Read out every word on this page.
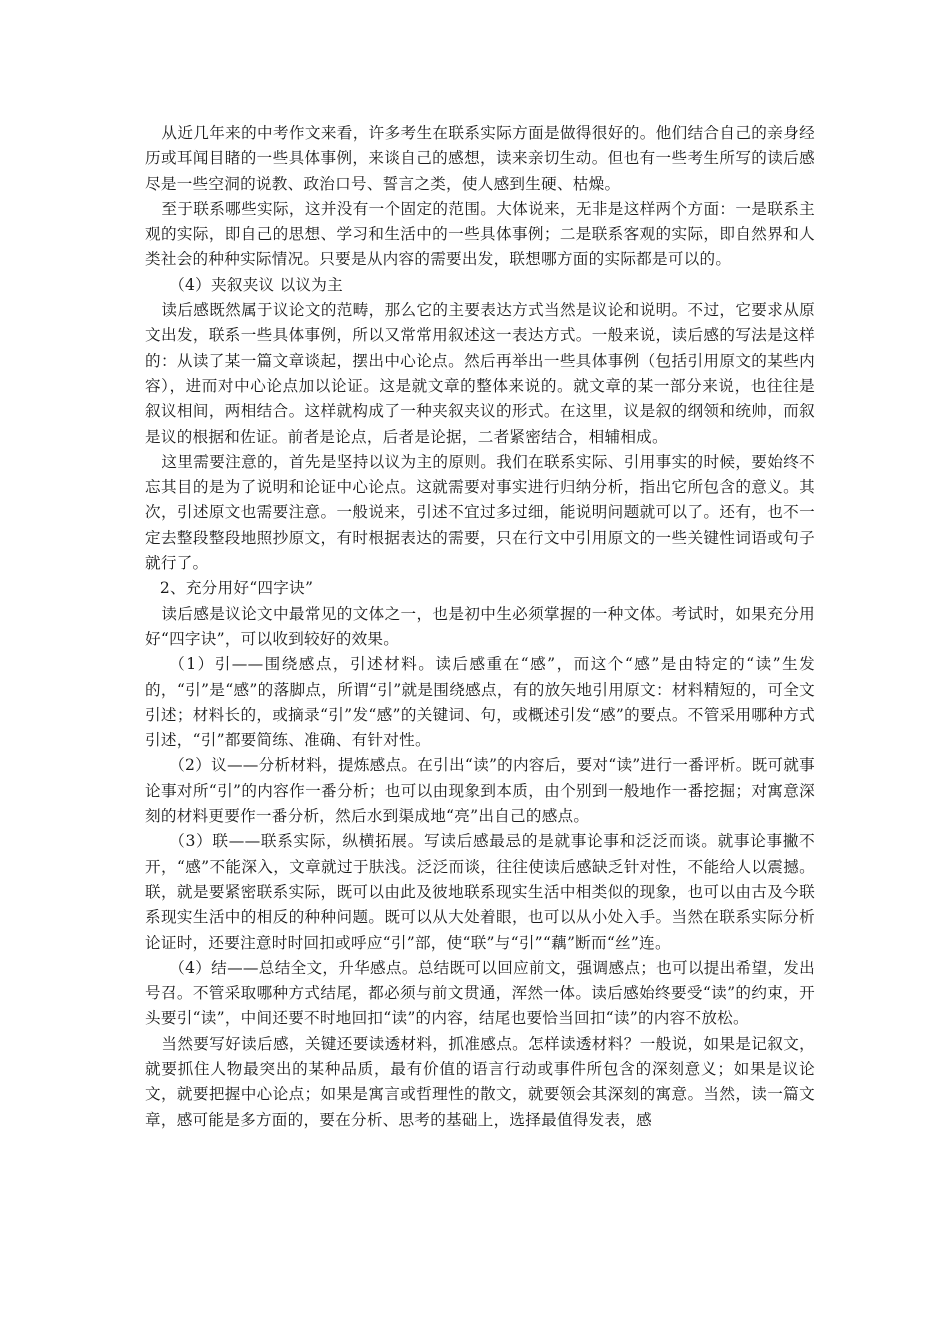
从近几年来的中考作文来看，许多考生在联系实际方面是做得很好的。他们结合自己的亲身经历或耳闻目睹的一些具体事例，来谈自己的感想，读来亲切生动。但也有一些考生所写的读后感尽是一些空洞的说教、政治口号、誓言之类，使人感到生硬、枯燥。

至于联系哪些实际，这并没有一个固定的范围。大体说来，无非是这样两个方面：一是联系主观的实际，即自己的思想、学习和生活中的一些具体事例；二是联系客观的实际，即自然界和人类社会的种种实际情况。只要是从内容的需要出发，联想哪方面的实际都是可以的。

（4）夹叙夹议 以议为主

读后感既然属于议论文的范畴，那么它的主要表达方式当然是议论和说明。不过，它要求从原文出发，联系一些具体事例，所以又常常用叙述这一表达方式。一般来说，读后感的写法是这样的：从读了某一篇文章谈起，摆出中心论点。然后再举出一些具体事例（包括引用原文的某些内容），进而对中心论点加以论证。这是就文章的整体来说的。就文章的某一部分来说，也往往是叙议相间，两相结合。这样就构成了一种夹叙夹议的形式。在这里，议是叙的纲领和统帅，而叙是议的根据和佐证。前者是论点，后者是论据，二者紧密结合，相辅相成。

这里需要注意的，首先是坚持以议为主的原则。我们在联系实际、引用事实的时候，要始终不忘其目的是为了说明和论证中心论点。这就需要对事实进行归纳分析，指出它所包含的意义。其次，引述原文也需要注意。一般说来，引述不宜过多过细，能说明问题就可以了。还有，也不一定去整段整段地照抄原文，有时根据表达的需要，只在行文中引用原文的一些关键性词语或句子就行了。

2、充分用好“四字诀”

读后感是议论文中最常见的文体之一，也是初中生必须掌握的一种文体。考试时，如果充分用好“四字诀”，可以收到较好的效果。

（1）引——围绕感点，引述材料。读后感重在“感”，而这个“感”是由特定的“读”生发的，“引”是“感”的落脚点，所谓“引”就是围绕感点，有的放矢地引用原文：材料精短的，可全文引述；材料长的，或摘录“引”发“感”的关键词、句，或概述引发“感”的要点。不管采用哪种方式引述，“引”都要简练、准确、有针对性。

（2）议——分析材料，提炼感点。在引出“读”的内容后，要对“读”进行一番评析。既可就事论事对所“引”的内容作一番分析；也可以由现象到本质，由个别到一般地作一番挖掘；对寓意深刻的材料更要作一番分析，然后水到渠成地“亮”出自己的感点。

（3）联——联系实际，纵横拓展。写读后感最忌的是就事论事和泛泛而谈。就事论事撇不开，“感”不能深入，文章就过于肤浅。泛泛而谈，往往使读后感缺乏针对性，不能给人以震撼。联，就是要紧密联系实际，既可以由此及彼地联系现实生活中相类似的现象，也可以由古及今联系现实生活中的相反的种种问题。既可以从大处着眼，也可以从小处入手。当然在联系实际分析论证时，还要注意时时回扣或呼应“引”部，使“联”与“引”“藕”断而“丝”连。

（4）结——总结全文，升华感点。总结既可以回应前文，强调感点；也可以提出希望，发出号召。不管采取哪种方式结尾，都必须与前文贯通，浑然一体。读后感始终要受“读”的约束，开头要引“读”，中间还要不时地回扣“读”的内容，结尾也要恰当回扣“读”的内容不放松。

当然要写好读后感，关键还要读透材料，抓准感点。怎样读透材料？一般说，如果是记叙文，就要抓住人物最突出的某种品质，最有价值的语言行动或事件所包含的深刻意义；如果是议论文，就要把握中心论点；如果是寓言或哲理性的散文，就要领会其深刻的寓意。当然，读一篇文章，感可能是多方面的，要在分析、思考的基础上，选择最值得发表，感
